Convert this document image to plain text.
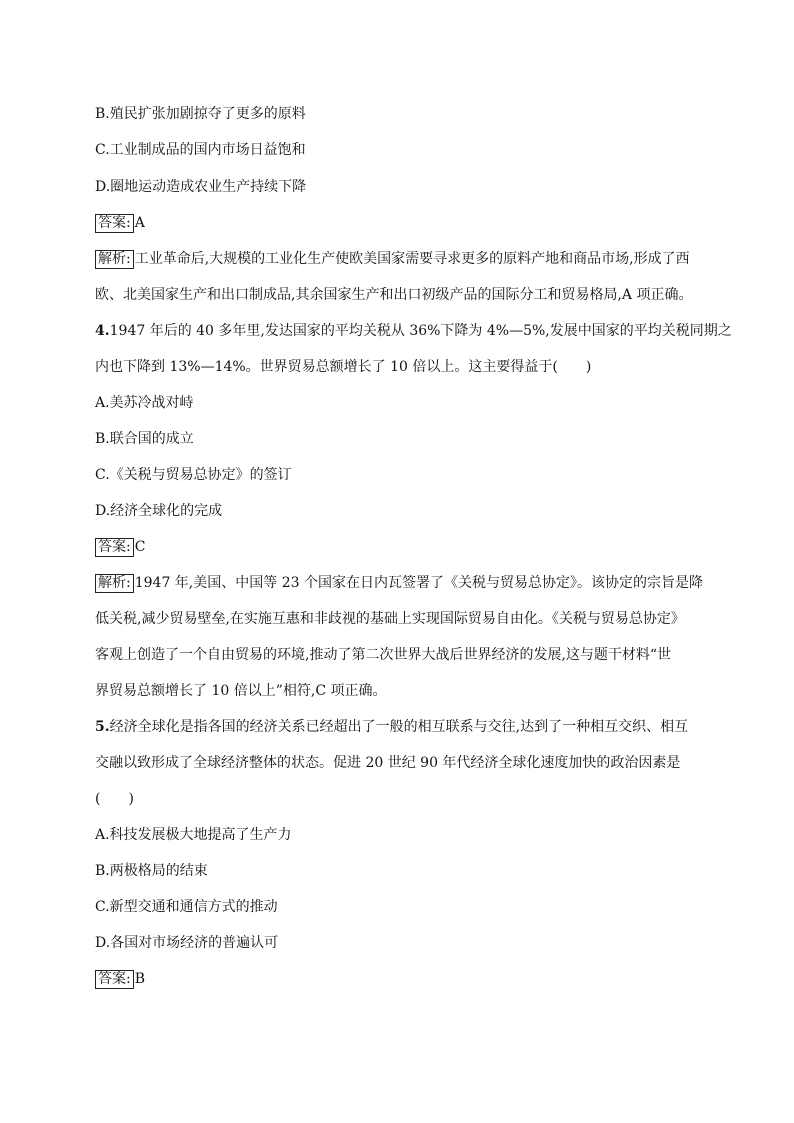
B.殖民扩张加剧掠夺了更多的原料
C.工业制成品的国内市场日益饱和
D.圈地运动造成农业生产持续下降
答案: A
解析: 工业革命后,大规模的工业化生产使欧美国家需要寻求更多的原料产地和商品市场,形成了西
欧、北美国家生产和出口制成品,其余国家生产和出口初级产品的国际分工和贸易格局,A 项正确。
4.1947 年后的 40 多年里,发达国家的平均关税从 36%下降为 4%—5%,发展中国家的平均关税同期之
内也下降到 13%—14%。世界贸易总额增长了 10 倍以上。这主要得益于(　　)
A.美苏冷战对峙
B.联合国的成立
C.《关税与贸易总协定》的签订
D.经济全球化的完成
答案: C
解析: 1947 年,美国、中国等 23 个国家在日内瓦签署了《关税与贸易总协定》。该协定的宗旨是降
低关税,减少贸易壁垒,在实施互惠和非歧视的基础上实现国际贸易自由化。《关税与贸易总协定》
客观上创造了一个自由贸易的环境,推动了第二次世界大战后世界经济的发展,这与题干材料“世
界贸易总额增长了 10 倍以上”相符,C 项正确。
5.经济全球化是指各国的经济关系已经超出了一般的相互联系与交往,达到了一种相互交织、相互
交融以致形成了全球经济整体的状态。促进 20 世纪 90 年代经济全球化速度加快的政治因素是
(　　)
A.科技发展极大地提高了生产力
B.两极格局的结束
C.新型交通和通信方式的推动
D.各国对市场经济的普遍认可
答案: B
